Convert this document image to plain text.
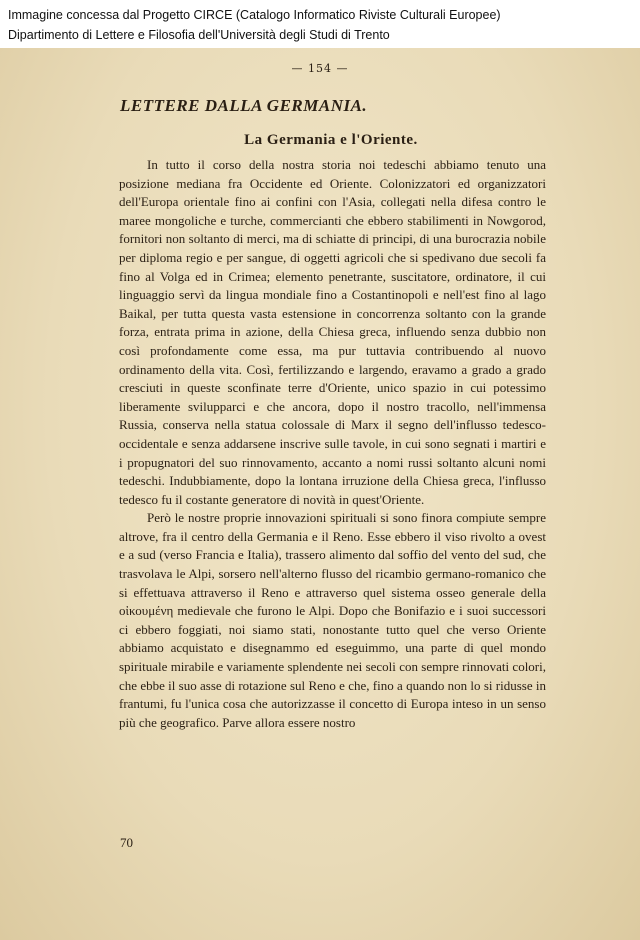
Immagine concessa dal Progetto CIRCE (Catalogo Informatico Riviste Culturali Europee)
Dipartimento di Lettere e Filosofia dell'Università degli Studi di Trento
— 154 —
LETTERE DALLA GERMANIA.
La Germania e l'Oriente.

In tutto il corso della nostra storia noi tedeschi abbiamo tenuto una posizione mediana fra Occidente ed Oriente. Colonizzatori ed organizzatori dell'Europa orientale fino ai confini con l'Asia, collegati nella difesa contro le maree mongoliche e turche, commercianti che ebbero stabilimenti in Nowgorod, fornitori non soltanto di merci, ma di schiatte di principi, di una burocrazia nobile per diploma regio e per sangue, di oggetti agricoli che si spedivano due secoli fa fino al Volga ed in Crimea; elemento penetrante, suscitatore, ordinatore, il cui linguaggio servì da lingua mondiale fino a Costantinopoli e nell'est fino al lago Baikal, per tutta questa vasta estensione in concorrenza soltanto con la grande forza, entrata prima in azione, della Chiesa greca, influendo senza dubbio non così profondamente come essa, ma pur tuttavia contribuendo al nuovo ordinamento della vita. Così, fertilizzando e largendo, eravamo a grado a grado cresciuti in queste sconfinate terre d'Oriente, unico spazio in cui potessimo liberamente svilupparci e che ancora, dopo il nostro tracollo, nell'immensa Russia, conserva nella statua colossale di Marx il segno dell'influsso tedesco-occidentale e senza addarsene inscrive sulle tavole, in cui sono segnati i martiri e i propugnatori del suo rinnovamento, accanto a nomi russi soltanto alcuni nomi tedeschi. Indubbiamente, dopo la lontana irruzione della Chiesa greca, l'influsso tedesco fu il costante generatore di novità in quest'Oriente.

Però le nostre proprie innovazioni spirituali si sono finora compiute sempre altrove, fra il centro della Germania e il Reno. Esse ebbero il viso rivolto a ovest e a sud (verso Francia e Italia), trassero alimento dal soffio del vento del sud, che trasvolava le Alpi, sorsero nell'alterno flusso del ricambio germano-romanico che si effettuava attraverso il Reno e attraverso quel sistema osseo generale della οἰκουμένη medievale che furono le Alpi. Dopo che Bonifazio e i suoi successori ci ebbero foggiati, noi siamo stati, nonostante tutto quel che verso Oriente abbiamo acquistato e disegnammo ed eseguimmo, una parte di quel mondo spirituale mirabile e variamente splendente nei secoli con sempre rinnovati colori, che ebbe il suo asse di rotazione sul Reno e che, fino a quando non lo si ridusse in frantumi, fu l'unica cosa che autorizzasse il concetto di Europa inteso in un senso più che geografico. Parve allora essere nostro

70
